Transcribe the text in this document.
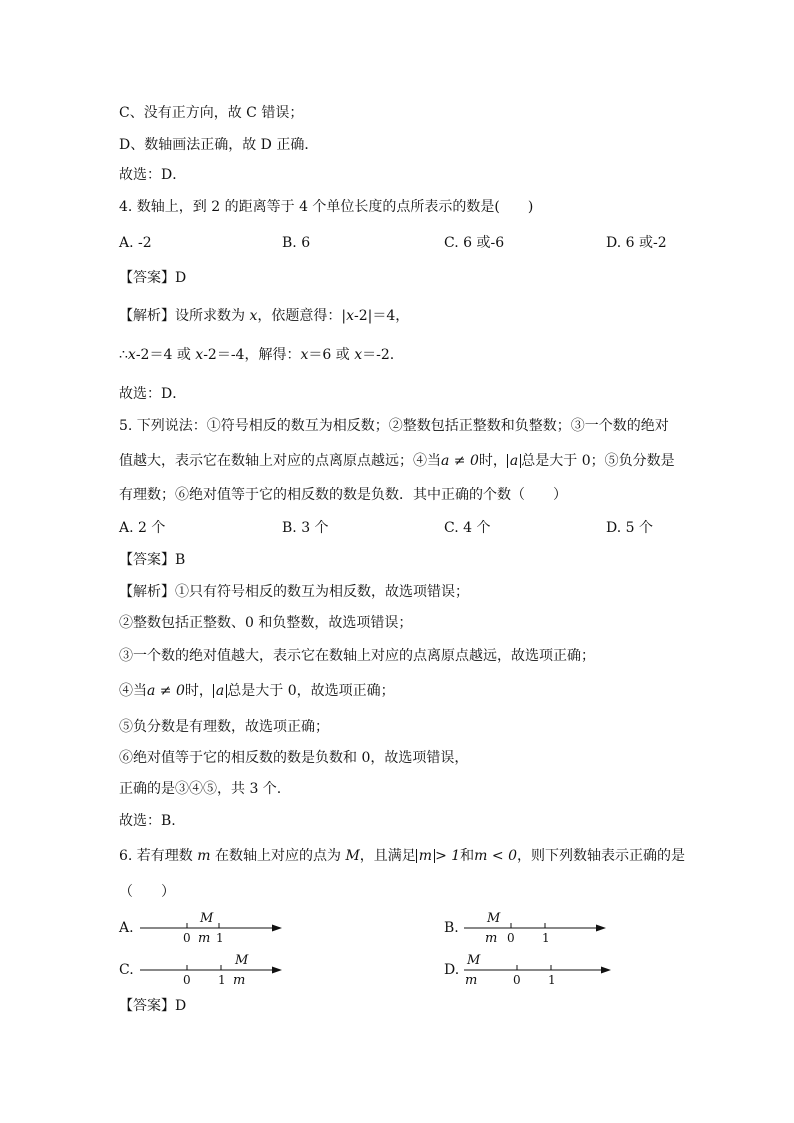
C、没有正方向，故 C 错误；
D、数轴画法正确，故 D 正确．
故选：D．
4. 数轴上，到 2 的距离等于 4 个单位长度的点所表示的数是(　　)
A. -2	B. 6	C. 6 或-6	D. 6 或-2
【答案】D
【解析】设所求数为 x，依题意得：|x-2|＝4，
∴x-2＝4 或 x-2＝-4，解得：x＝6 或 x＝-2.
故选：D．
5. 下列说法：①符号相反的数互为相反数；②整数包括正整数和负整数；③一个数的绝对
值越大，表示它在数轴上对应的点离原点越远；④当a ≠ 0时， a 总是大于 0；⑤负分数是
有理数；⑥绝对值等于它的相反数的数是负数．其中正确的个数（　　）
A. 2 个	B. 3 个	C. 4 个	D. 5 个
【答案】B
【解析】①只有符号相反的数互为相反数，故选项错误；
②整数包括正整数、0 和负整数，故选项错误；
③一个数的绝对值越大，表示它在数轴上对应的点离原点越远，故选项正确；
④当a ≠ 0时， a 总是大于 0，故选项正确；
⑤负分数是有理数，故选项正确；
⑥绝对值等于它的相反数的数是负数和 0，故选项错误，
正确的是③④⑤，共 3 个.
故选：B.
6. 若有理数 m 在数轴上对应的点为 M，且满足 m > 1和m < 0，则下列数轴表示正确的是
（　　）
A.
0 1
M
m
B.
0 1
M
m
C.
0 1
M
m
D.
0 1
M
m
【答案】D
